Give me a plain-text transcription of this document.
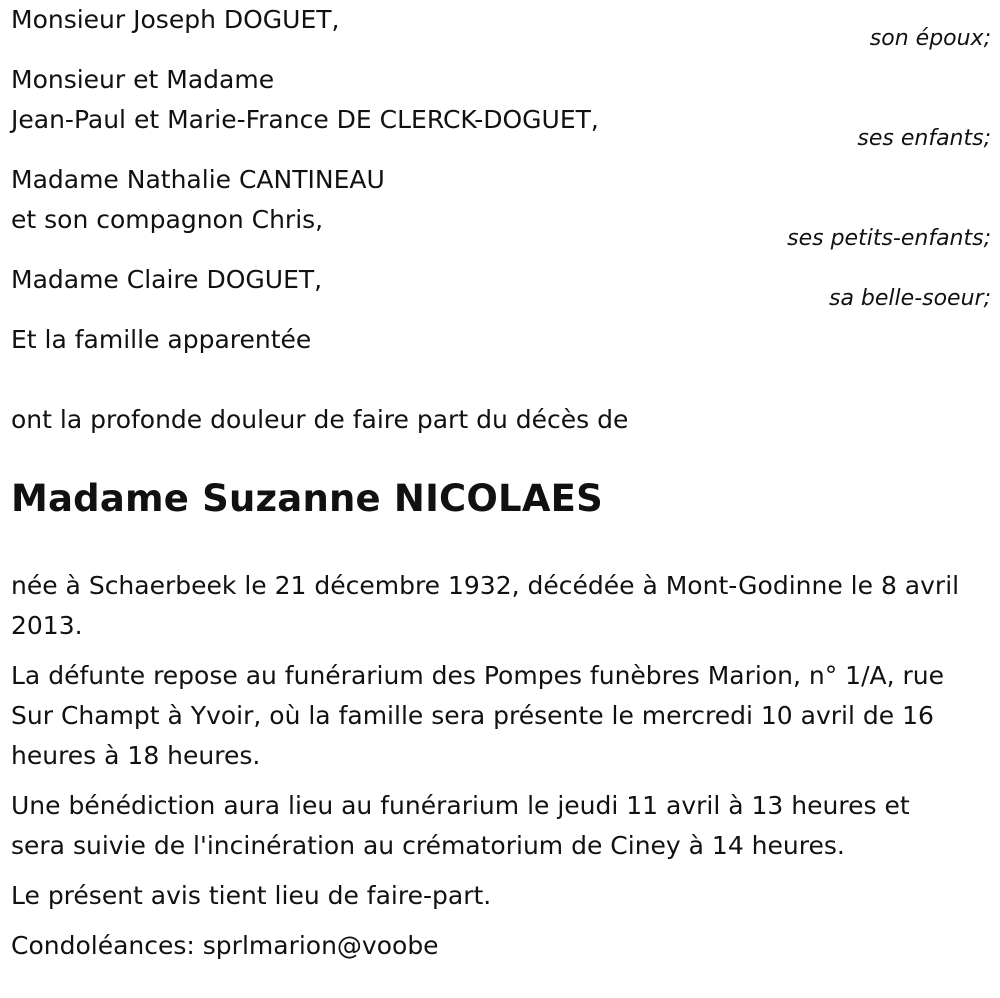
Monsieur Joseph DOGUET,
son époux;
Monsieur et Madame
Jean-Paul et Marie-France DE CLERCK-DOGUET,
ses enfants;
Madame Nathalie CANTINEAU
et son compagnon Chris,
ses petits-enfants;
Madame Claire DOGUET,
sa belle-soeur;
Et la famille apparentée
ont la profonde douleur de faire part du décès de
Madame Suzanne NICOLAES
née à Schaerbeek le 21 décembre 1932, décédée à Mont-Godinne le 8 avril 2013.
La défunte repose au funérarium des Pompes funèbres Marion, n° 1/A, rue Sur Champt à Yvoir, où la famille sera présente le mercredi 10 avril de 16 heures à 18 heures.
Une bénédiction aura lieu au funérarium le jeudi 11 avril à 13 heures et sera suivie de l'incinération au crématorium de Ciney à 14 heures.
Le présent avis tient lieu de faire-part.
Condoléances: sprlmarion@voobe
